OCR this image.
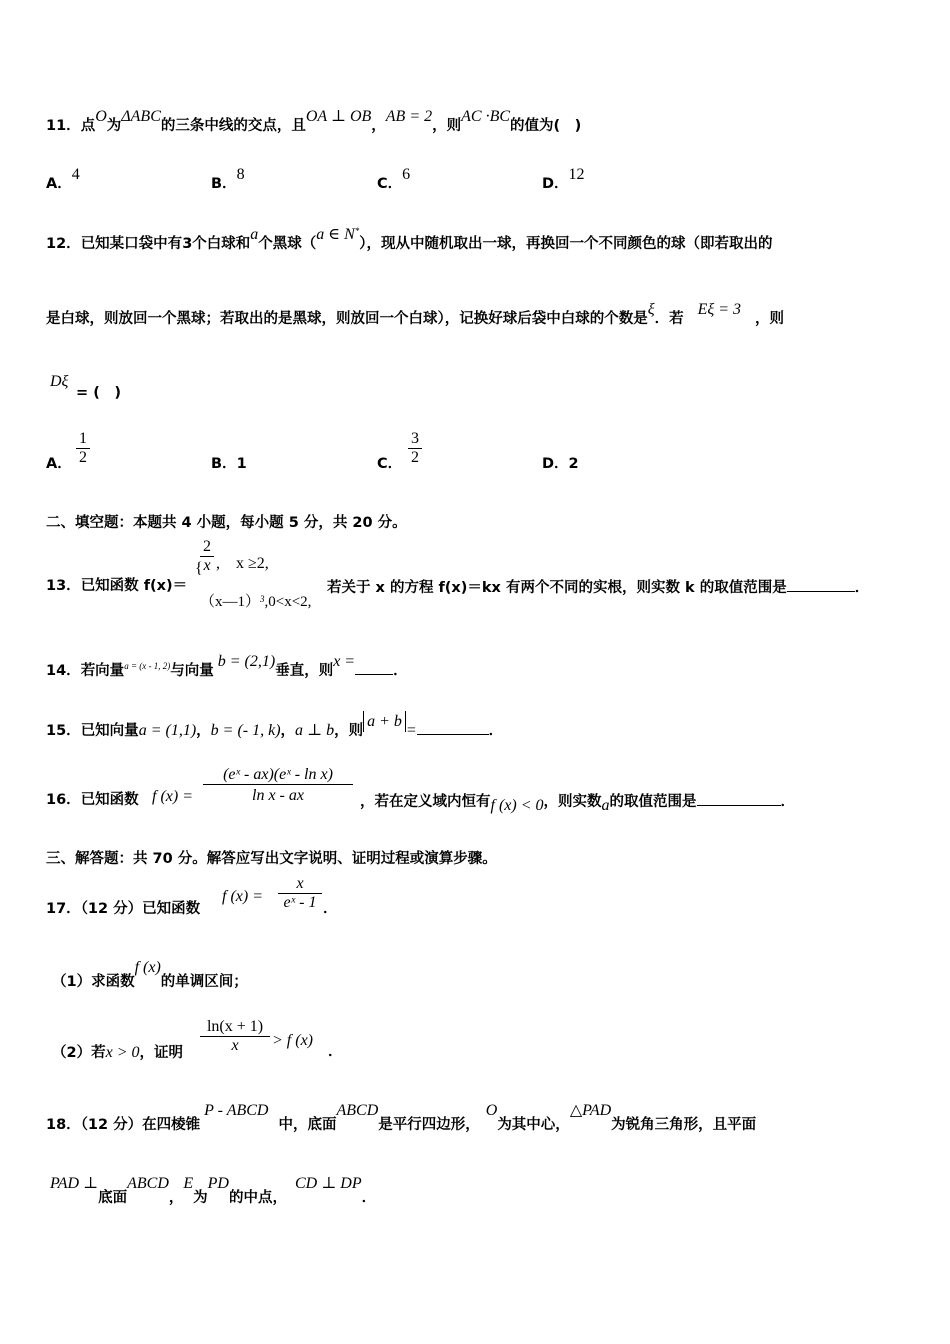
11．点O为ΔABC的三条中线的交点，且OA ⊥ OB，AB = 2，则AC ·BC的值为(　)
A．4
B．8
C．6
D．12
12．已知某口袋中有3个白球和a个黑球（a ∈ N*），现从中随机取出一球，再换回一个不同颜色的球（即若取出的
是白球，则放回一个黑球；若取出的是黑球，则放回一个白球），记换好球后袋中白球的个数是ξ．若Eξ = 3，则
Dξ
= (　)
A． $\frac{1}{2}$	B．1	C． $\frac{3}{2}$	D．2
二、填空题：本题共 4 小题，每小题 5 分，共 20 分。
13．已知函数 f(x)＝
{
$\frac{2}{x}$ ,　x ≥2,
（x—1）$^3$,0<x<2,
若关于 x 的方程 f(x)＝kx 有两个不同的实根，则实数 k 的取值范围是	．
14．若向量$^{a = (x - 1, 2)}$与向量b = (2,1)垂直，则x =．
15．已知向量a = (1,1)，b = (- 1, k)，a ⊥ b，则a + b=	．
16．已知函数 f $(x) = \frac{\text{(eˣ - ax)(eˣ - ln x)}}{\text{ln x - ax}}$ ，若在定义域内恒有f (x) < 0，则实数a的取值范围是	．
三、解答题：共 70 分。解答应写出文字说明、证明过程或演算步骤。
17．（12 分）已知函数
f $(x) = \frac{x}{\text{eˣ - 1}}$ ．
（1）求函数f (x)的单调区间；
（2）若x > 0，证明 $\frac{\ln(x + 1)}{x} > f$ (x)
．
18．（12 分）在四棱锥P - ABCD中，底面ABCD是平行四边形，O为其中心，△PAD为锐角三角形，且平面
PAD ⊥底面ABCD，E为PD的中点，CD ⊥ DP．
